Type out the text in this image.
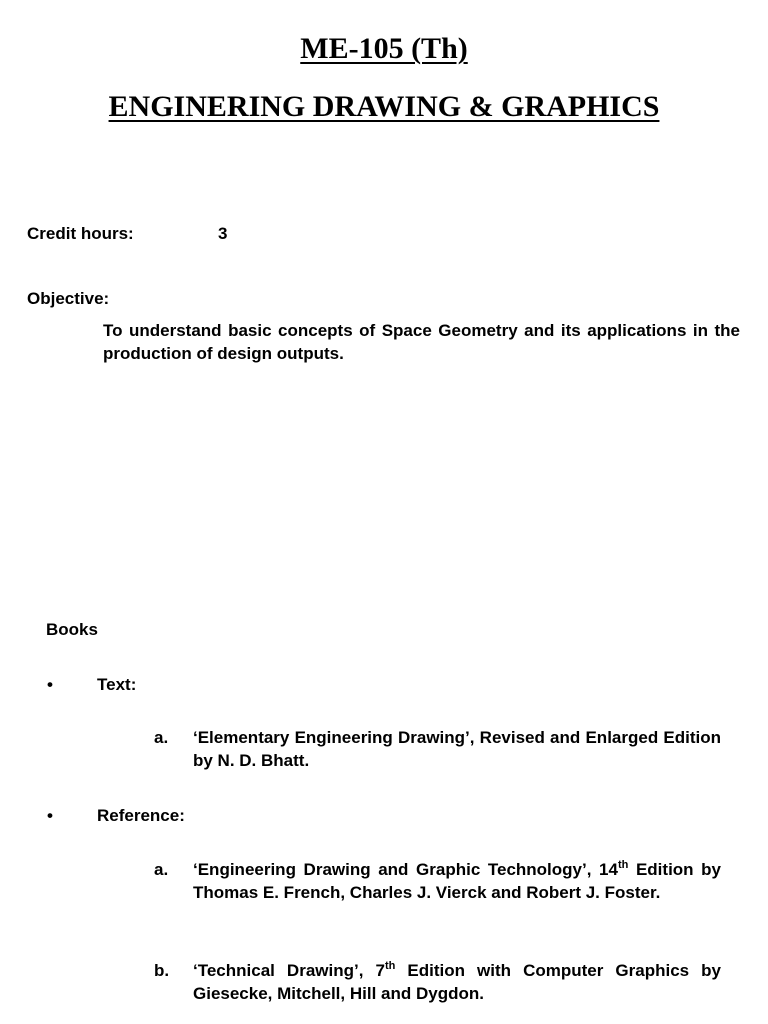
ME-105 (Th)
ENGINERING DRAWING & GRAPHICS
Credit hours:	3
Objective:

To understand basic concepts of Space Geometry and its applications in the production of design outputs.

Books
•	Text:
a. ‘Elementary Engineering Drawing’, Revised and Enlarged Edition by N. D. Bhatt.

•	Reference:
a. ‘Engineering Drawing and Graphic Technology’, 14th Edition by Thomas E. French, Charles J. Vierck and Robert J. Foster.

b. ‘Technical Drawing’, 7th Edition with Computer Graphics by Giesecke, Mitchell, Hill and Dygdon.
